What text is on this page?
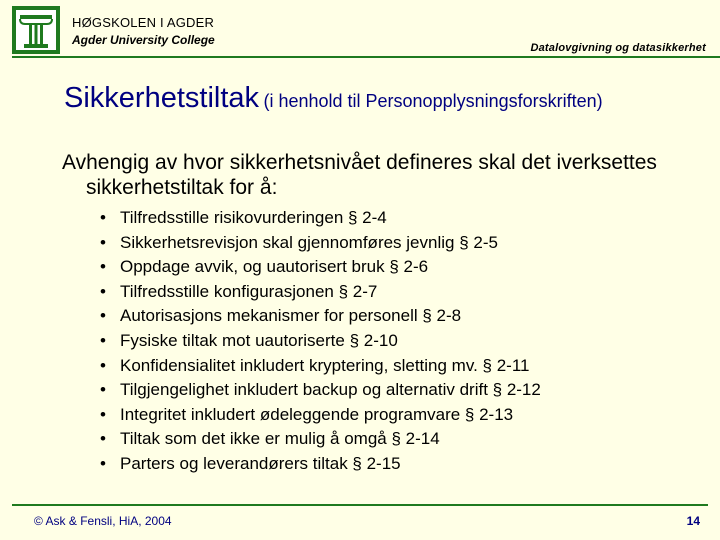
HØGSKOLEN I AGDER
Agder University College
Datalovgivning og datasikkerhet
Sikkerhetstiltak (i henhold til Personopplysningsforskriften)
Avhengig av hvor sikkerhetsnivået defineres skal det iverksettes sikkerhetstiltak for å:
• Tilfredsstille risikovurderingen § 2-4
• Sikkerhetsrevisjon skal gjennomføres jevnlig § 2-5
• Oppdage avvik, og uautorisert bruk § 2-6
• Tilfredsstille konfigurasjonen § 2-7
• Autorisasjons mekanismer for personell § 2-8
• Fysiske tiltak mot uautoriserte § 2-10
• Konfidensialitet inkludert kryptering, sletting mv. § 2-11
• Tilgjengelighet inkludert backup og alternativ drift § 2-12
• Integritet inkludert ødeleggende programvare § 2-13
• Tiltak som det ikke er mulig å omgå § 2-14
• Parters og leverandørers tiltak § 2-15
© Ask & Fensli, HiA, 2004	14
